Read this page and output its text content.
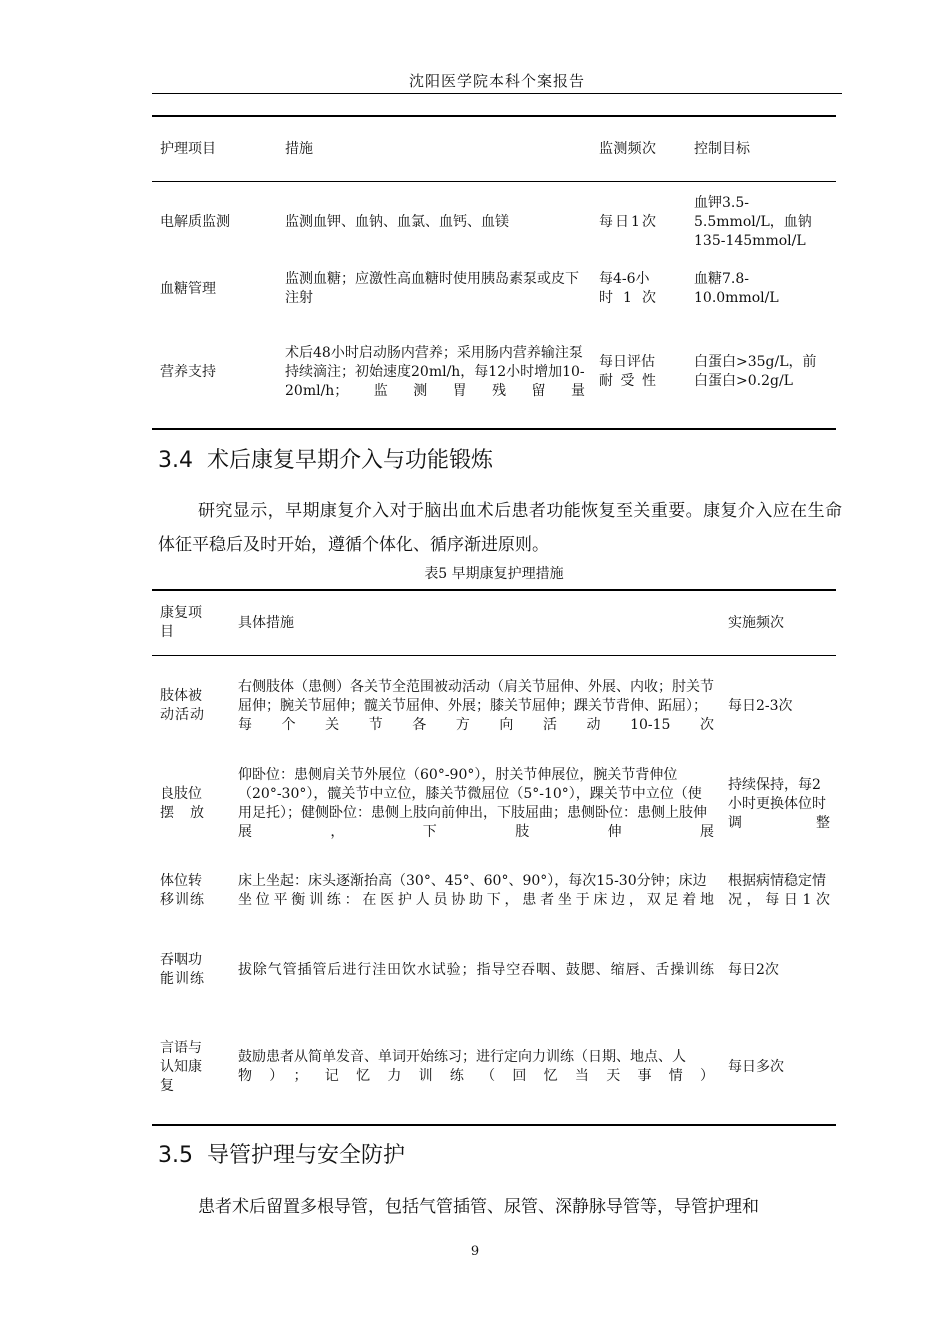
沈阳医学院本科个案报告
护理项目	措施	监测频次	控制目标
电解质监测	监测血钾、血钠、血氯、血钙、血镁	每日1次	血钾3.5-5.5mmol/L，血钠135-145mmol/L
血糖管理	监测血糖；应激性高血糖时使用胰岛素泵或皮下注射	每4-6小时1次	血糖7.8-10.0mmol/L
营养支持	术后48小时启动肠内营养；采用肠内营养输注泵持续滴注；初始速度20ml/h，每12小时增加10-20ml/h；监测胃残留量	每日评估耐受性	白蛋白>35g/L，前白蛋白>0.2g/L
3.4 术后康复早期介入与功能锻炼

研究显示，早期康复介入对于脑出血术后患者功能恢复至关重要。康复介入应在生命体征平稳后及时开始，遵循个体化、循序渐进原则。

表5 早期康复护理措施
康复项目	具体措施	实施频次
肢体被动活动	右侧肢体（患侧）各关节全范围被动活动（肩关节屈伸、外展、内收；肘关节屈伸；腕关节屈伸；髋关节屈伸、外展；膝关节屈伸；踝关节背伸、跖屈）；每个关节各方向活动10-15次	每日2-3次
良肢位摆放	仰卧位：患侧肩关节外展位（60°-90°），肘关节伸展位，腕关节背伸位（20°-30°），髋关节中立位，膝关节微屈位（5°-10°），踝关节中立位（使用足托）；健侧卧位：患侧上肢向前伸出，下肢屈曲；患侧卧位：患侧上肢伸展，下肢伸展	持续保持，每2小时更换体位时调整
体位转移训练	床上坐起：床头逐渐抬高（30°、45°、60°、90°），每次15-30分钟；床边坐位平衡训练：在医护人员协助下，患者坐于床边，双足着地	根据病情稳定情况，每日1次
吞咽功能训练	拔除气管插管后进行洼田饮水试验；指导空吞咽、鼓腮、缩唇、舌操训练	每日2次
言语与认知康复	鼓励患者从简单发音、单词开始练习；进行定向力训练（日期、地点、人物）；记忆力训练（回忆当天事情）	每日多次
3.5 导管护理与安全防护

患者术后留置多根导管，包括气管插管、尿管、深静脉导管等，导管护理和

9
